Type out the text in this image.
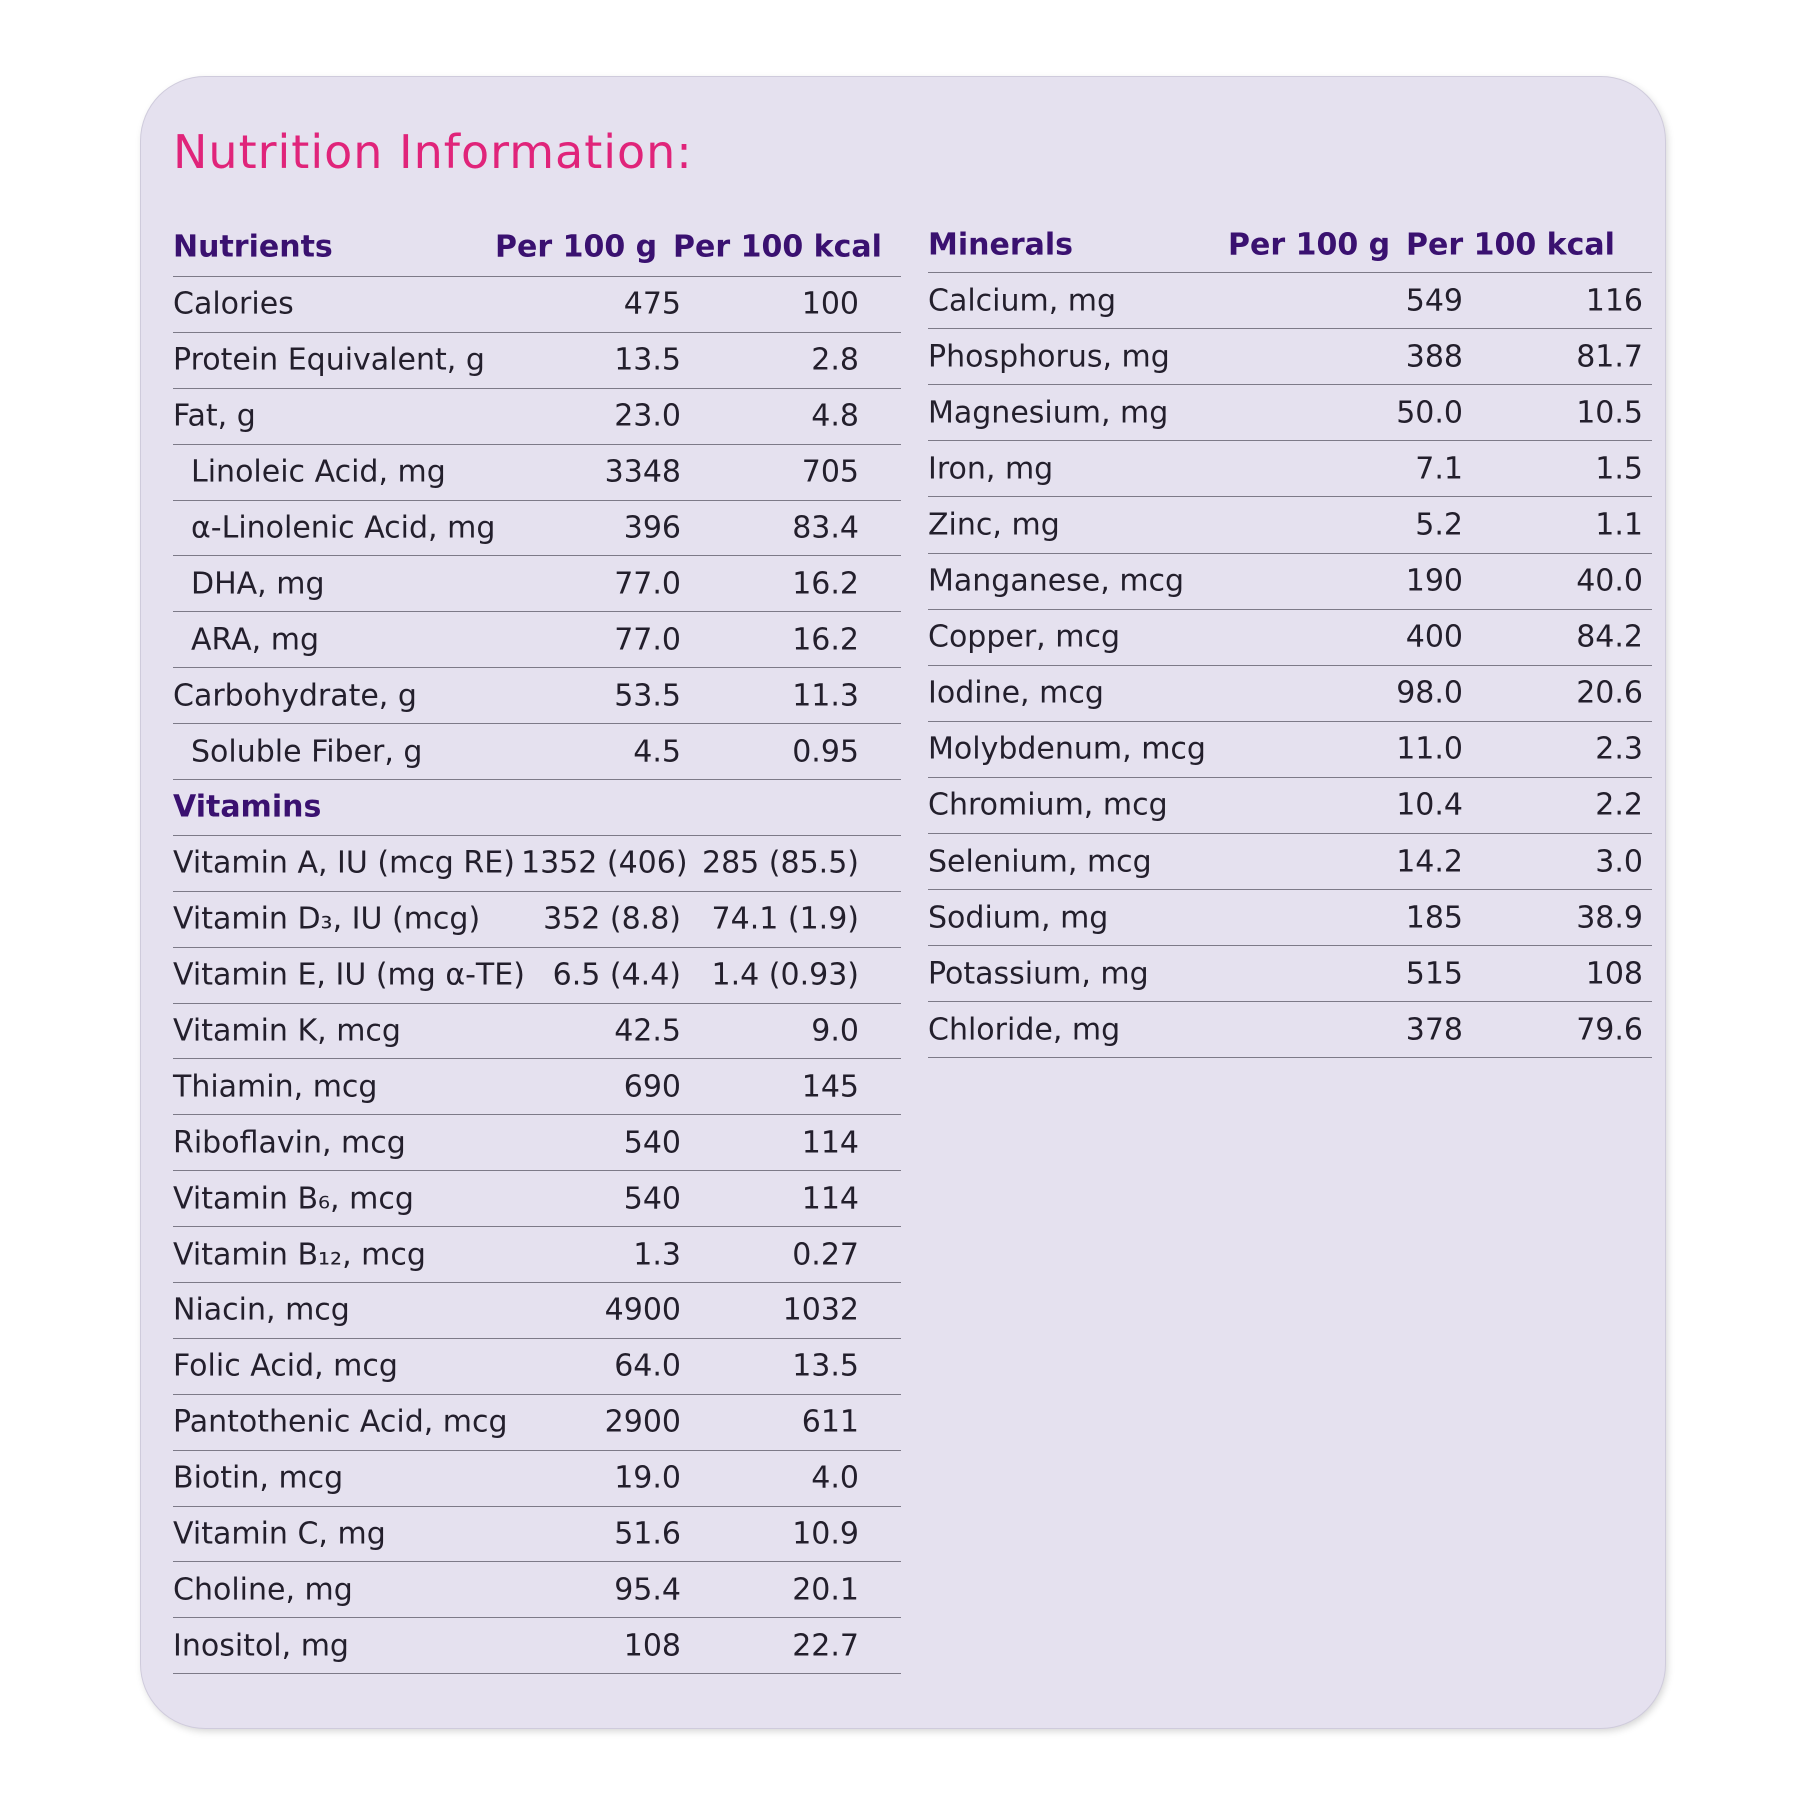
Nutrition Information:
Nutrients	Per 100 g Per 100 kcal
Calories	475	100
Protein Equivalent, g	13.5	2.8
Fat, g	23.0	4.8
Linoleic Acid, mg	3348	705
α-Linolenic Acid, mg	396	83.4
DHA, mg	77.0	16.2
ARA, mg	77.0	16.2
Carbohydrate, g	53.5	11.3
Soluble Fiber, g	4.5	0.95
Vitamins
Vitamin A, IU (mcg RE) 1352 (406) 285 (85.5)
Vitamin D₃, IU (mcg)	352 (8.8)	74.1 (1.9)
Vitamin E, IU (mg α-TE) 6.5 (4.4)	1.4 (0.93)
Vitamin K, mcg	42.5	9.0
Thiamin, mcg	690	145
Riboflavin, mcg	540	114
Vitamin B₆, mcg	540	114
Vitamin B₁₂, mcg	1.3	0.27
Niacin, mcg	4900	1032
Folic Acid, mcg	64.0	13.5
Pantothenic Acid, mcg	2900	611
Biotin, mcg	19.0	4.0
Vitamin C, mg	51.6	10.9
Choline, mg	95.4	20.1
Inositol, mg	108	22.7
Minerals	Per 100 g Per 100 kcal
Calcium, mg	549	116
Phosphorus, mg	388	81.7
Magnesium, mg	50.0	10.5
Iron, mg	7.1	1.5
Zinc, mg	5.2	1.1
Manganese, mcg	190	40.0
Copper, mcg	400	84.2
Iodine, mcg	98.0	20.6
Molybdenum, mcg	11.0	2.3
Chromium, mcg	10.4	2.2
Selenium, mcg	14.2	3.0
Sodium, mg	185	38.9
Potassium, mg	515	108
Chloride, mg	378	79.6
